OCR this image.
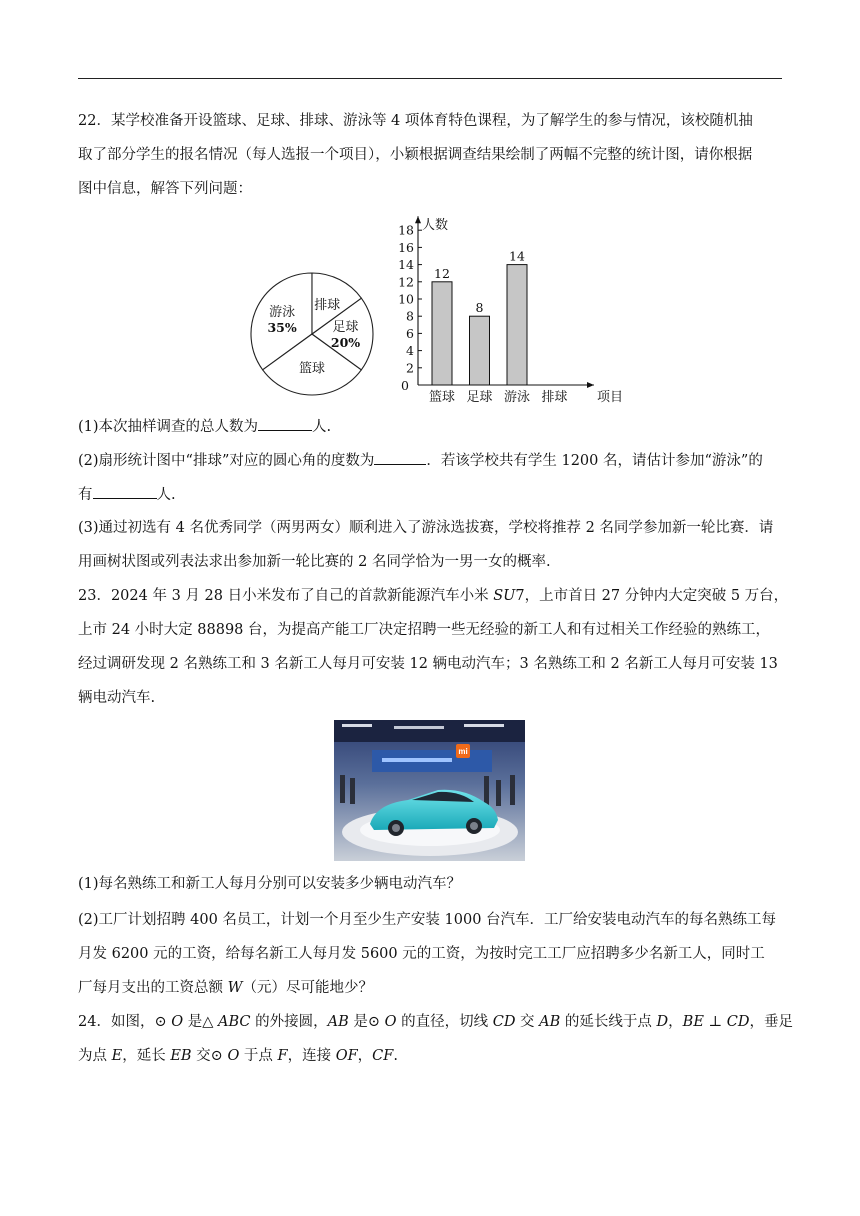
22．某学校准备开设篮球、足球、排球、游泳等 4 项体育特色课程，为了解学生的参与情况，该校随机抽
取了部分学生的报名情况（每人选报一个项目），小颖根据调查结果绘制了两幅不完整的统计图，请你根据
图中信息，解答下列问题：
游泳
35%
篮球
足球
20%
排球
人数
项目
0
2
4
6
8
10
12
14
16
18
12
篮球
8
足球
14
游泳 排球
(1)本次抽样调查的总人数为	人.
(2)扇形统计图中“排球”对应的圆心角的度数为	．若该学校共有学生 1200 名，请估计参加“游泳”的
有	人.
(3)通过初选有 4 名优秀同学（两男两女）顺利进入了游泳选拔赛，学校将推荐 2 名同学参加新一轮比赛．请
用画树状图或列表法求出参加新一轮比赛的 2 名同学恰为一男一女的概率.
23．2024 年 3 月 28 日小米发布了自己的首款新能源汽车小米 SU7，上市首日 27 分钟内大定突破 5 万台，
上市 24 小时大定 88898 台，为提高产能工厂决定招聘一些无经验的新工人和有过相关工作经验的熟练工，
经过调研发现 2 名熟练工和 3 名新工人每月可安装 12 辆电动汽车；3 名熟练工和 2 名新工人每月可安装 13
辆电动汽车.
mi
(1)每名熟练工和新工人每月分别可以安装多少辆电动汽车？
(2)工厂计划招聘 400 名员工，计划一个月至少生产安装 1000 台汽车．工厂给安装电动汽车的每名熟练工每
月发 6200 元的工资，给每名新工人每月发 5600 元的工资，为按时完工工厂应招聘多少名新工人，同时工
厂每月支出的工资总额 W（元）尽可能地少？
24．如图，⊙ O 是△ ABC 的外接圆，AB 是⊙ O 的直径，切线 CD 交 AB 的延长线于点 D，BE ⊥ CD，垂足
为点 E，延长 EB 交⊙ O 于点 F，连接 OF，CF.
